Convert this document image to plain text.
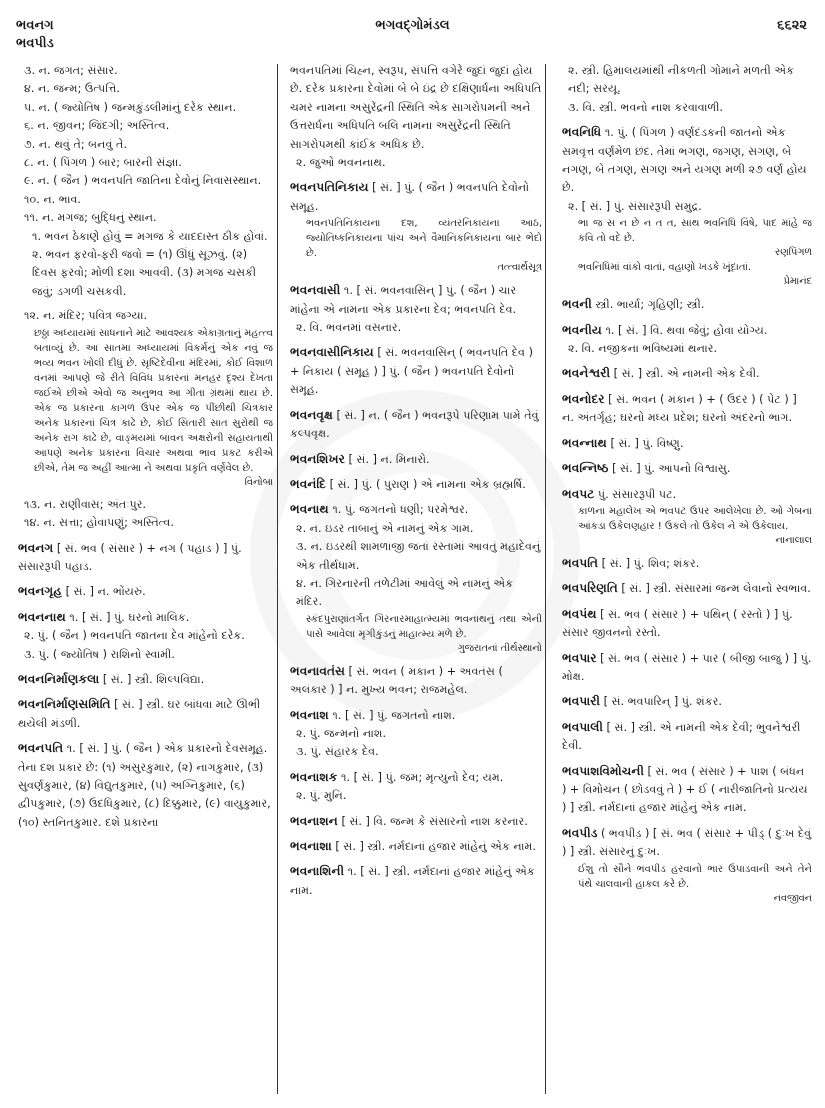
ભવનગ
ભવપીડ
ભગવદ્ગોમંડલ	૬૬૨૨
૩. ન. જગત; સંસાર.
૪. ન. જન્મ; ઉત્પત્તિ.
૫. ન. ( જ્યોતિષ ) જન્મકુંડલીમાંનું દરેક સ્થાન.
૬. ન. જીવન; જિંદગી; અસ્તિત્વ.
૭. ન. થવું તે; બનવું તે.
૮. ન. ( પિંગળ ) બાર; બારની સંજ્ઞા.
૯. ન. ( જૈન ) ભવનપતિ જાતિના દેવોનું નિવાસસ્થાન.
૧૦. ન. ભાવ.
૧૧. ન. મગજ; બુદ્ધિનું સ્થાન.
૧. ભવન ઠેકાણે હોવું = મગજ કે યાદદાસ્ત ઠીક હોવાં.
૨. ભવન ફરવો-ફરી જવો = (૧) ઊંધું સૂઝવું. (૨) દિવસ ફરવો; મોળી દશા આવવી. (૩) મગજ ચસકી જવું; ડગળી ચસકવી.
૧૨. ન. મંદિર; પવિત્ર જગ્યા.
છઠ્ઠા અધ્યાયમાં સાધનાને માટે આવશ્યક એકાગ્રતાનું મહત્ત્વ બતાવ્યું છે. આ સાતમા અધ્યાયમાં વિકર્મનું એક નવું જ ભવ્ય ભવન ખોલી દીધું છે. સૃષ્ટિદેવીના મંદિરમાં, કોઈ વિશાળ વનમાં આપણે જે રીતે વિવિધ પ્રકારનાં મનહર દૃશ્ય દેખતા જઈએ છીએ એવો જ અનુભવ આ ગીતા ગ્રંથમાં થાય છે. એક જ પ્રકારના કાગળ ઉપર એક જ પીંછીથી ચિત્રકાર અનેક પ્રકારનાં ચિત્ર કાઢે છે, કોઈ સિતારી સાત સુરોથી જ અનેક રાગ કાઢે છે, વાઙ્મયમાં બાવન અક્ષરોની સહાયતાથી આપણે અનેક પ્રકારના વિચાર અથવા ભાવ પ્રકટ કરીએ છીએ, તેમ જ અહીં આત્મા ને અથવા પ્રકૃતિ વર્ણવેલ છે.
વિનોબા
૧૩. ન. રાણીવાસ; અંતઃપુર.
૧૪. ન. સત્તા; હોવાપણું; અસ્તિત્વ.
ભવનગ [ સં. ભવ ( સંસાર ) + નગ ( પહાડ ) ] પું. સંસારરૂપી પહાડ.
ભવનગૃહ [ સં. ] ન. ભોંયરું.
ભવનનાથ ૧. [ સં. ] પું. ઘરનો માલિક.
૨. પું. ( જૈન ) ભવનપતિ જાતના દેવ માંહેનો દરેક.
૩. પું. ( જ્યોતિષ ) રાશિનો સ્વામી.
ભવનનિર્માણકલા [ સં. ] સ્ત્રી. શિલ્પવિદ્યા.
ભવનનિર્માણસમિતિ [ સં. ] સ્ત્રી. ઘર બાંધવા માટે ઊભી થયેલી મંડળી.
ભવનપતિ ૧. [ સં. ] પું. ( જૈન ) એક પ્રકારનો દેવસમૂહ. તેના દશ પ્રકાર છે: (૧) અસુરકુમાર, (૨) નાગકુમાર, (૩) સુવર્ણકુમાર, (૪) વિદ્યુતકુમાર, (૫) અગ્નિકુમાર, (૬) દ્વીપકુમાર, (૭) ઉદધિકુમાર, (૮) દિક્કુમાર, (૯) વાયુકુમાર, (૧૦) સ્તનિતકુમાર. દશે પ્રકારના
ભવનપતિમાં ચિહ્ન, સ્વરૂપ, સંપત્તિ વગેરે જુદાં જુદાં હોય છે. દરેક પ્રકારના દેવોમાં બે બે ઇંદ્ર છે દક્ષિણાર્ધના અધિપતિ ચમર નામના અસુરેંદ્રની સ્થિતિ એક સાગરોપમની અને ઉત્તરાર્ધના અધિપતિ બલિ નામના અસુરેંદ્રની સ્થિતિ સાગરોપમથી કાંઈક અધિક છે.
૨. જુઓ ભવનનાથ.
ભવનપતિનિકાય [ સં. ] પું. ( જૈન ) ભવનપતિ દેવોનો સમૂહ.
ભવનપતિનિકાયના દશ, વ્યંતરનિકાયના આઠ, જ્યોતિષ્કનિકાયના પાંચ અને વૈમાનિકનિકાયના બાર ભેદો છે.
તત્ત્વાર્થસૂત્ર
ભવનવાસી ૧. [ સં. ભવનવાસિન્ ] પું. ( જૈન ) ચાર માંહેના એ નામના એક પ્રકારના દેવ; ભવનપતિ દેવ.
૨. વિ. ભવનમાં વસનાર.
ભવનવાસીનિકાય [ સં. ભવનવાસિન્ ( ભવનપતિ દેવ ) + નિકાય ( સમૂહ ) ] પું. ( જૈન ) ભવનપતિ દેવોનો સમૂહ.
ભવનવૃક્ષ [ સં. ] ન. ( જૈન ) ભવનરૂપે પરિણામ પામે તેવું કલ્પવૃક્ષ.
ભવનશિખર [ સં. ] ન. મિનારો.
ભવનંદિ [ સં. ] પું. ( પુરાણ ) એ નામના એક બ્રહ્મર્ષિ.
ભવનાથ ૧. પું. જગતનો ધણી; પરમેશ્વર.
૨. ન. ઇડર તાબાનું એ નામનું એક ગામ.
૩. ન. ઇડરથી શામળાજી જતાં રસ્તામાં આવતું મહાદેવનું એક તીર્થધામ.
૪. ન. ગિરનારની તળેટીમાં આવેલું એ નામનું એક મંદિર.
સ્કંદપુરાણાંતર્ગત ગિરનારમાહાત્મ્યમાં ભવનાથનું તથા એની પાસે આવેલા મૃગીકુંડનું માહાત્મ્ય મળે છે.
ગુજરાતનાં તીર્થસ્થાનો
ભવનાવતંસ [ સં. ભવન ( મકાન ) + અવતંસ ( અલંકાર ) ] ન. મુખ્ય ભવન; રાજમહેલ.
ભવનાશ ૧. [ સં. ] પું. જગતનો નાશ.
૨. પું. જન્મનો નાશ.
૩. પું. સંહારક દેવ.
ભવનાશક ૧. [ સં. ] પું. જમ; મૃત્યુનો દેવ; યમ.
૨. પું. મુનિ.
ભવનાશન [ સં. ] વિ. જન્મ કે સંસારનો નાશ કરનાર.
ભવનાશા [ સં. ] સ્ત્રી. નર્મદાનાં હજાર માંહેનું એક નામ.
ભવનાશિની ૧. [ સં. ] સ્ત્રી. નર્મદાનાં હજાર માંહેનું એક નામ.
૨. સ્ત્રી. હિમાલયમાંથી નીકળતી ગોમાને મળતી એક નદી; સરયૂ.
૩. વિ. સ્ત્રી. ભવનો નાશ કરવાવાળી.
ભવનિધિ ૧. પું. ( પિંગળ ) વર્ણદંડકની જાતનો એક સમવૃત્ત વર્ણમેળ છંદ. તેમાં ભગણ, જગણ, સગણ, બે નગણ, બે તગણ, સગણ અને યગણ મળી ૨૭ વર્ણ હોય છે.
૨. [ સં. ] પું. સંસારરૂપી સમુદ્ર.
ભા જ સ ન છે ન ત ત, સાથ ભવનિધિ વિષે, પાદ માંહે જ કવિ તો વદે છે.
રણપિંગળ
ભવનિધિમાં વાંકો વાતાં, વહાણો ખડકે ખૂંદાતાં.
પ્રેમાનંદ
ભવની સ્ત્રી. ભાર્યા; ગૃહિણી; સ્ત્રી.
ભવનીય ૧. [ સં. ] વિ. થવા જેવું; હોવા યોગ્ય.
૨. વિ. નજીકના ભવિષ્યમાં થનાર.
ભવનેશ્વરી [ સં. ] સ્ત્રી. એ નામની એક દેવી.
ભવનોદર [ સં. ભવન ( મકાન ) + ( ઉદર ) ( પેટ ) ] ન. અંતર્ગૃહ; ઘરનો મધ્ય પ્રદેશ; ઘરનો અંદરનો ભાગ.
ભવન્નાથ [ સં. ] પું. વિષ્ણુ.
ભવન્નિષ્ઠ [ સં. ] પું. આપનો વિશ્વાસુ.
ભવપટ પું. સંસારરૂપી પટ.
કાળના મહાલેખ એ ભવપટ ઉપર આલેખેલા છે. ઓ ગેબના આંકડા ઉકેલણહાર ! ઉકલે તો ઉકેલ ને એ ઉકેલાય.
નાનાલાલ
ભવપતિ [ સં. ] પું. શિવ; શંકર.
ભવપરિણતિ [ સં. ] સ્ત્રી. સંસારમાં જન્મ લેવાનો સ્વભાવ.
ભવપંથ [ સં. ભવ ( સંસાર ) + પથિન્ ( રસ્તો ) ] પું. સંસાર જીવનનો રસ્તો.
ભવપાર [ સં. ભવ ( સંસાર ) + પાર ( બીજી બાજુ ) ] પું. મોક્ષ.
ભવપારી [ સં. ભવપારિન્ ] પું. શંકર.
ભવપાલી [ સં. ] સ્ત્રી. એ નામની એક દેવી; ભુવનેશ્વરી દેવી.
ભવપાશવિમોચની [ સં. ભવ ( સંસાર ) + પાશ ( બંધન ) + વિમોચન ( છોડવવું તે ) + ઈ ( નારીજાતિનો પ્રત્યય ) ] સ્ત્રી. નર્મદાનાં હજાર માંહેનું એક નામ.
ભવપીડ ( ભવપીડ઼ ) [ સં. ભવ ( સંસાર + પીડ઼્ ( દુઃખ દેવું ) ] સ્ત્રી. સંસારનું દુઃખ.
ઈશુ તો સૌને ભવપીડ હરવાનો ભાર ઉપાડવાની અને તેને પંથે ચાલવાની હાકલ કરે છે.
નવજીવન
